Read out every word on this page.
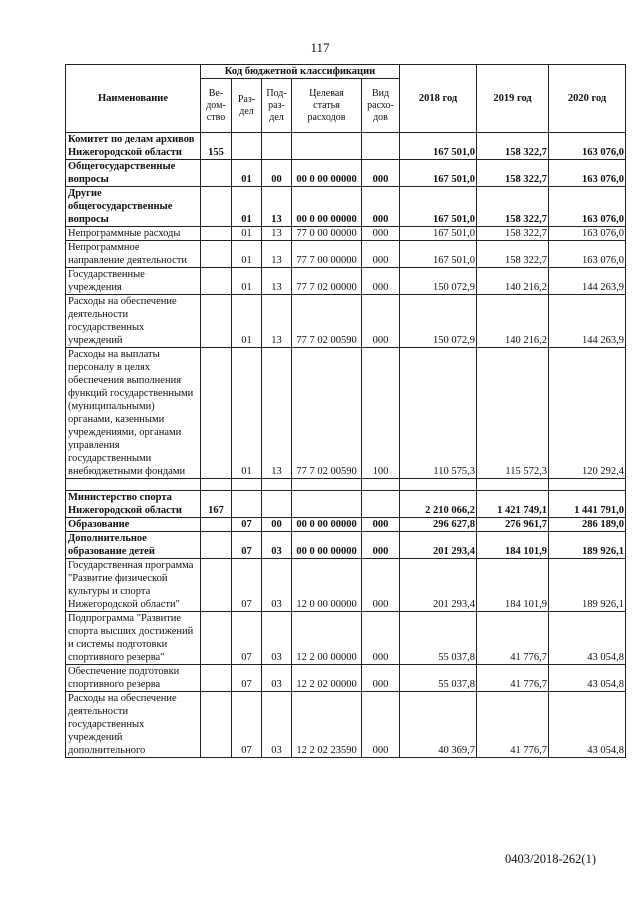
117
Наименование	Код бюджетной классификации					2018 год	2019 год	2020 год
	Ве-
дом-
ство	Раз-
дел	Под-
раз-
дел	Целевая
статья
расходов	Вид
расхо-
дов			
Комитет по делам архивов Нижегородской области	155					167 501,0	158 322,7	163 076,0
Общегосударственные вопросы		01	00	00 0 00 00000	000	167 501,0	158 322,7	163 076,0
Другие общегосударственные вопросы		01	13	00 0 00 00000	000	167 501,0	158 322,7	163 076,0
Непрограммные расходы		01	13	77 0 00 00000	000	167 501,0	158 322,7	163 076,0
Непрограммное направление деятельности		01	13	77 7 00 00000	000	167 501,0	158 322,7	163 076,0
Государственные учреждения		01	13	77 7 02 00000	000	150 072,9	140 216,2	144 263,9
Расходы на обеспечение деятельности государственных учреждений		01	13	77 7 02 00590	000	150 072,9	140 216,2	144 263,9
Расходы на выплаты персоналу в целях обеспечения выполнения функций государственными (муниципальными) органами, казенными учреждениями, органами управления государственными внебюджетными фондами		01	13	77 7 02 00590	100	110 575,3	115 572,3	120 292,4

Министерство спорта Нижегородской области	167					2 210 066,2	1 421 749,1	1 441 791,0
Образование		07	00	00 0 00 00000	000	296 627,8	276 961,7	286 189,0
Дополнительное образование детей		07	03	00 0 00 00000	000	201 293,4	184 101,9	189 926,1
Государственная программа "Развитие физической культуры и спорта Нижегородской области"		07	03	12 0 00 00000	000	201 293,4	184 101,9	189 926,1
Подпрограмма "Развитие спорта высших достижений и системы подготовки спортивного резерва"		07	03	12 2 00 00000	000	55 037,8	41 776,7	43 054,8
Обеспечение подготовки спортивного резерва		07	03	12 2 02 00000	000	55 037,8	41 776,7	43 054,8
Расходы на обеспечение деятельности государственных учреждений дополнительного		07	03	12 2 02 23590	000	40 369,7	41 776,7	43 054,8
0403/2018-262(1)
